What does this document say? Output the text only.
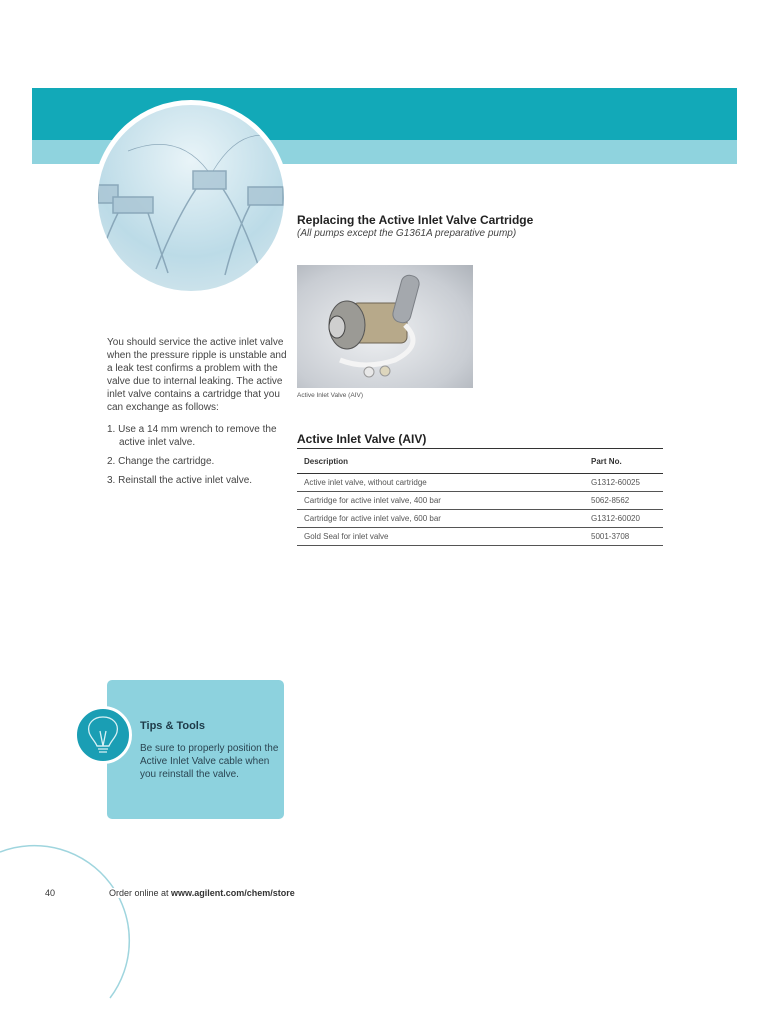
You should service the active inlet valve when the pressure ripple is unstable and a leak test confirms a problem with the valve due to internal leaking. The active inlet valve contains a cartridge that you can exchange as follows:

1. Use a 14 mm wrench to remove the active inlet valve.
2. Change the cartridge.
3. Reinstall the active inlet valve.
Replacing the Active Inlet Valve Cartridge
(All pumps except the G1361A preparative pump)
Active Inlet Valve (AIV)
Active Inlet Valve (AIV)
Description	Part No.
Active inlet valve, without cartridge	G1312-60025
Cartridge for active inlet valve, 400 bar	5062-8562
Cartridge for active inlet valve, 600 bar	G1312-60020
Gold Seal for inlet valve	5001-3708
Tips & Tools
Be sure to properly position the Active Inlet Valve cable when you reinstall the valve.
40	Order online at www.agilent.com/chem/store
